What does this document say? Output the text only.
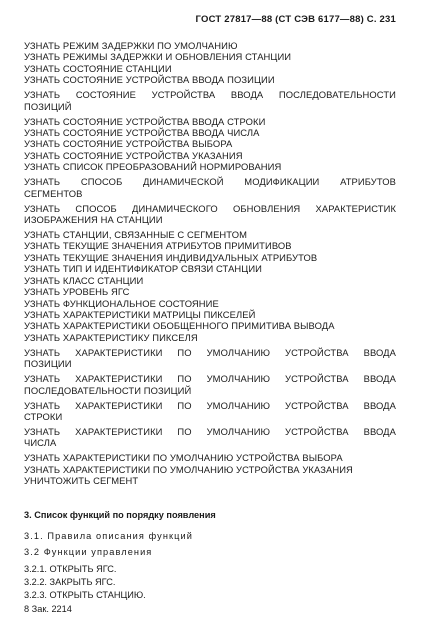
ГОСТ 27817—88 (СТ СЭВ 6177—88) С. 231
УЗНАТЬ РЕЖИМ ЗАДЕРЖКИ ПО УМОЛЧАНИЮ
УЗНАТЬ РЕЖИМЫ ЗАДЕРЖКИ И ОБНОВЛЕНИЯ СТАНЦИИ
УЗНАТЬ СОСТОЯНИЕ СТАНЦИИ
УЗНАТЬ СОСТОЯНИЕ УСТРОЙСТВА ВВОДА ПОЗИЦИИ
УЗНАТЬ СОСТОЯНИЕ УСТРОЙСТВА ВВОДА ПОСЛЕДОВАТЕЛЬНОСТИ
ПОЗИЦИЙ
УЗНАТЬ СОСТОЯНИЕ УСТРОЙСТВА ВВОДА СТРОКИ
УЗНАТЬ СОСТОЯНИЕ УСТРОЙСТВА ВВОДА ЧИСЛА
УЗНАТЬ СОСТОЯНИЕ УСТРОЙСТВА ВЫБОРА
УЗНАТЬ СОСТОЯНИЕ УСТРОЙСТВА УКАЗАНИЯ
УЗНАТЬ СПИСОК ПРЕОБРАЗОВАНИЙ НОРМИРОВАНИЯ
УЗНАТЬ СПОСОБ ДИНАМИЧЕСКОЙ МОДИФИКАЦИИ АТРИБУТОВ
СЕГМЕНТОВ
УЗНАТЬ СПОСОБ ДИНАМИЧЕСКОГО ОБНОВЛЕНИЯ ХАРАКТЕРИСТИК
ИЗОБРАЖЕНИЯ НА СТАНЦИИ
УЗНАТЬ СТАНЦИИ, СВЯЗАННЫЕ С СЕГМЕНТОМ
УЗНАТЬ ТЕКУЩИЕ ЗНАЧЕНИЯ АТРИБУТОВ ПРИМИТИВОВ
УЗНАТЬ ТЕКУЩИЕ ЗНАЧЕНИЯ ИНДИВИДУАЛЬНЫХ АТРИБУТОВ
УЗНАТЬ ТИП И ИДЕНТИФИКАТОР СВЯЗИ СТАНЦИИ
УЗНАТЬ КЛАСС СТАНЦИИ
УЗНАТЬ УРОВЕНЬ ЯГС
УЗНАТЬ ФУНКЦИОНАЛЬНОЕ СОСТОЯНИЕ
УЗНАТЬ ХАРАКТЕРИСТИКИ МАТРИЦЫ ПИКСЕЛЕЙ
УЗНАТЬ ХАРАКТЕРИСТИКИ ОБОБЩЕННОГО ПРИМИТИВА ВЫВОДА
УЗНАТЬ ХАРАКТЕРИСТИКУ ПИКСЕЛЯ
УЗНАТЬ ХАРАКТЕРИСТИКИ ПО УМОЛЧАНИЮ УСТРОЙСТВА ВВОДА
ПОЗИЦИИ
УЗНАТЬ ХАРАКТЕРИСТИКИ ПО УМОЛЧАНИЮ УСТРОЙСТВА ВВОДА
ПОСЛЕДОВАТЕЛЬНОСТИ ПОЗИЦИЙ
УЗНАТЬ ХАРАКТЕРИСТИКИ ПО УМОЛЧАНИЮ УСТРОЙСТВА ВВОДА
СТРОКИ
УЗНАТЬ ХАРАКТЕРИСТИКИ ПО УМОЛЧАНИЮ УСТРОЙСТВА ВВОДА
ЧИСЛА
УЗНАТЬ ХАРАКТЕРИСТИКИ ПО УМОЛЧАНИЮ УСТРОЙСТВА ВЫБОРА
УЗНАТЬ ХАРАКТЕРИСТИКИ ПО УМОЛЧАНИЮ УСТРОЙСТВА УКАЗАНИЯ
УНИЧТОЖИТЬ СЕГМЕНТ
3. Список функций по порядку появления
3.1. Правила описания функций
3.2 Функции управления
3.2.1. ОТКРЫТЬ ЯГС.
3.2.2. ЗАКРЫТЬ ЯГС.
3.2.3. ОТКРЫТЬ СТАНЦИЮ.
8 Зак. 2214
